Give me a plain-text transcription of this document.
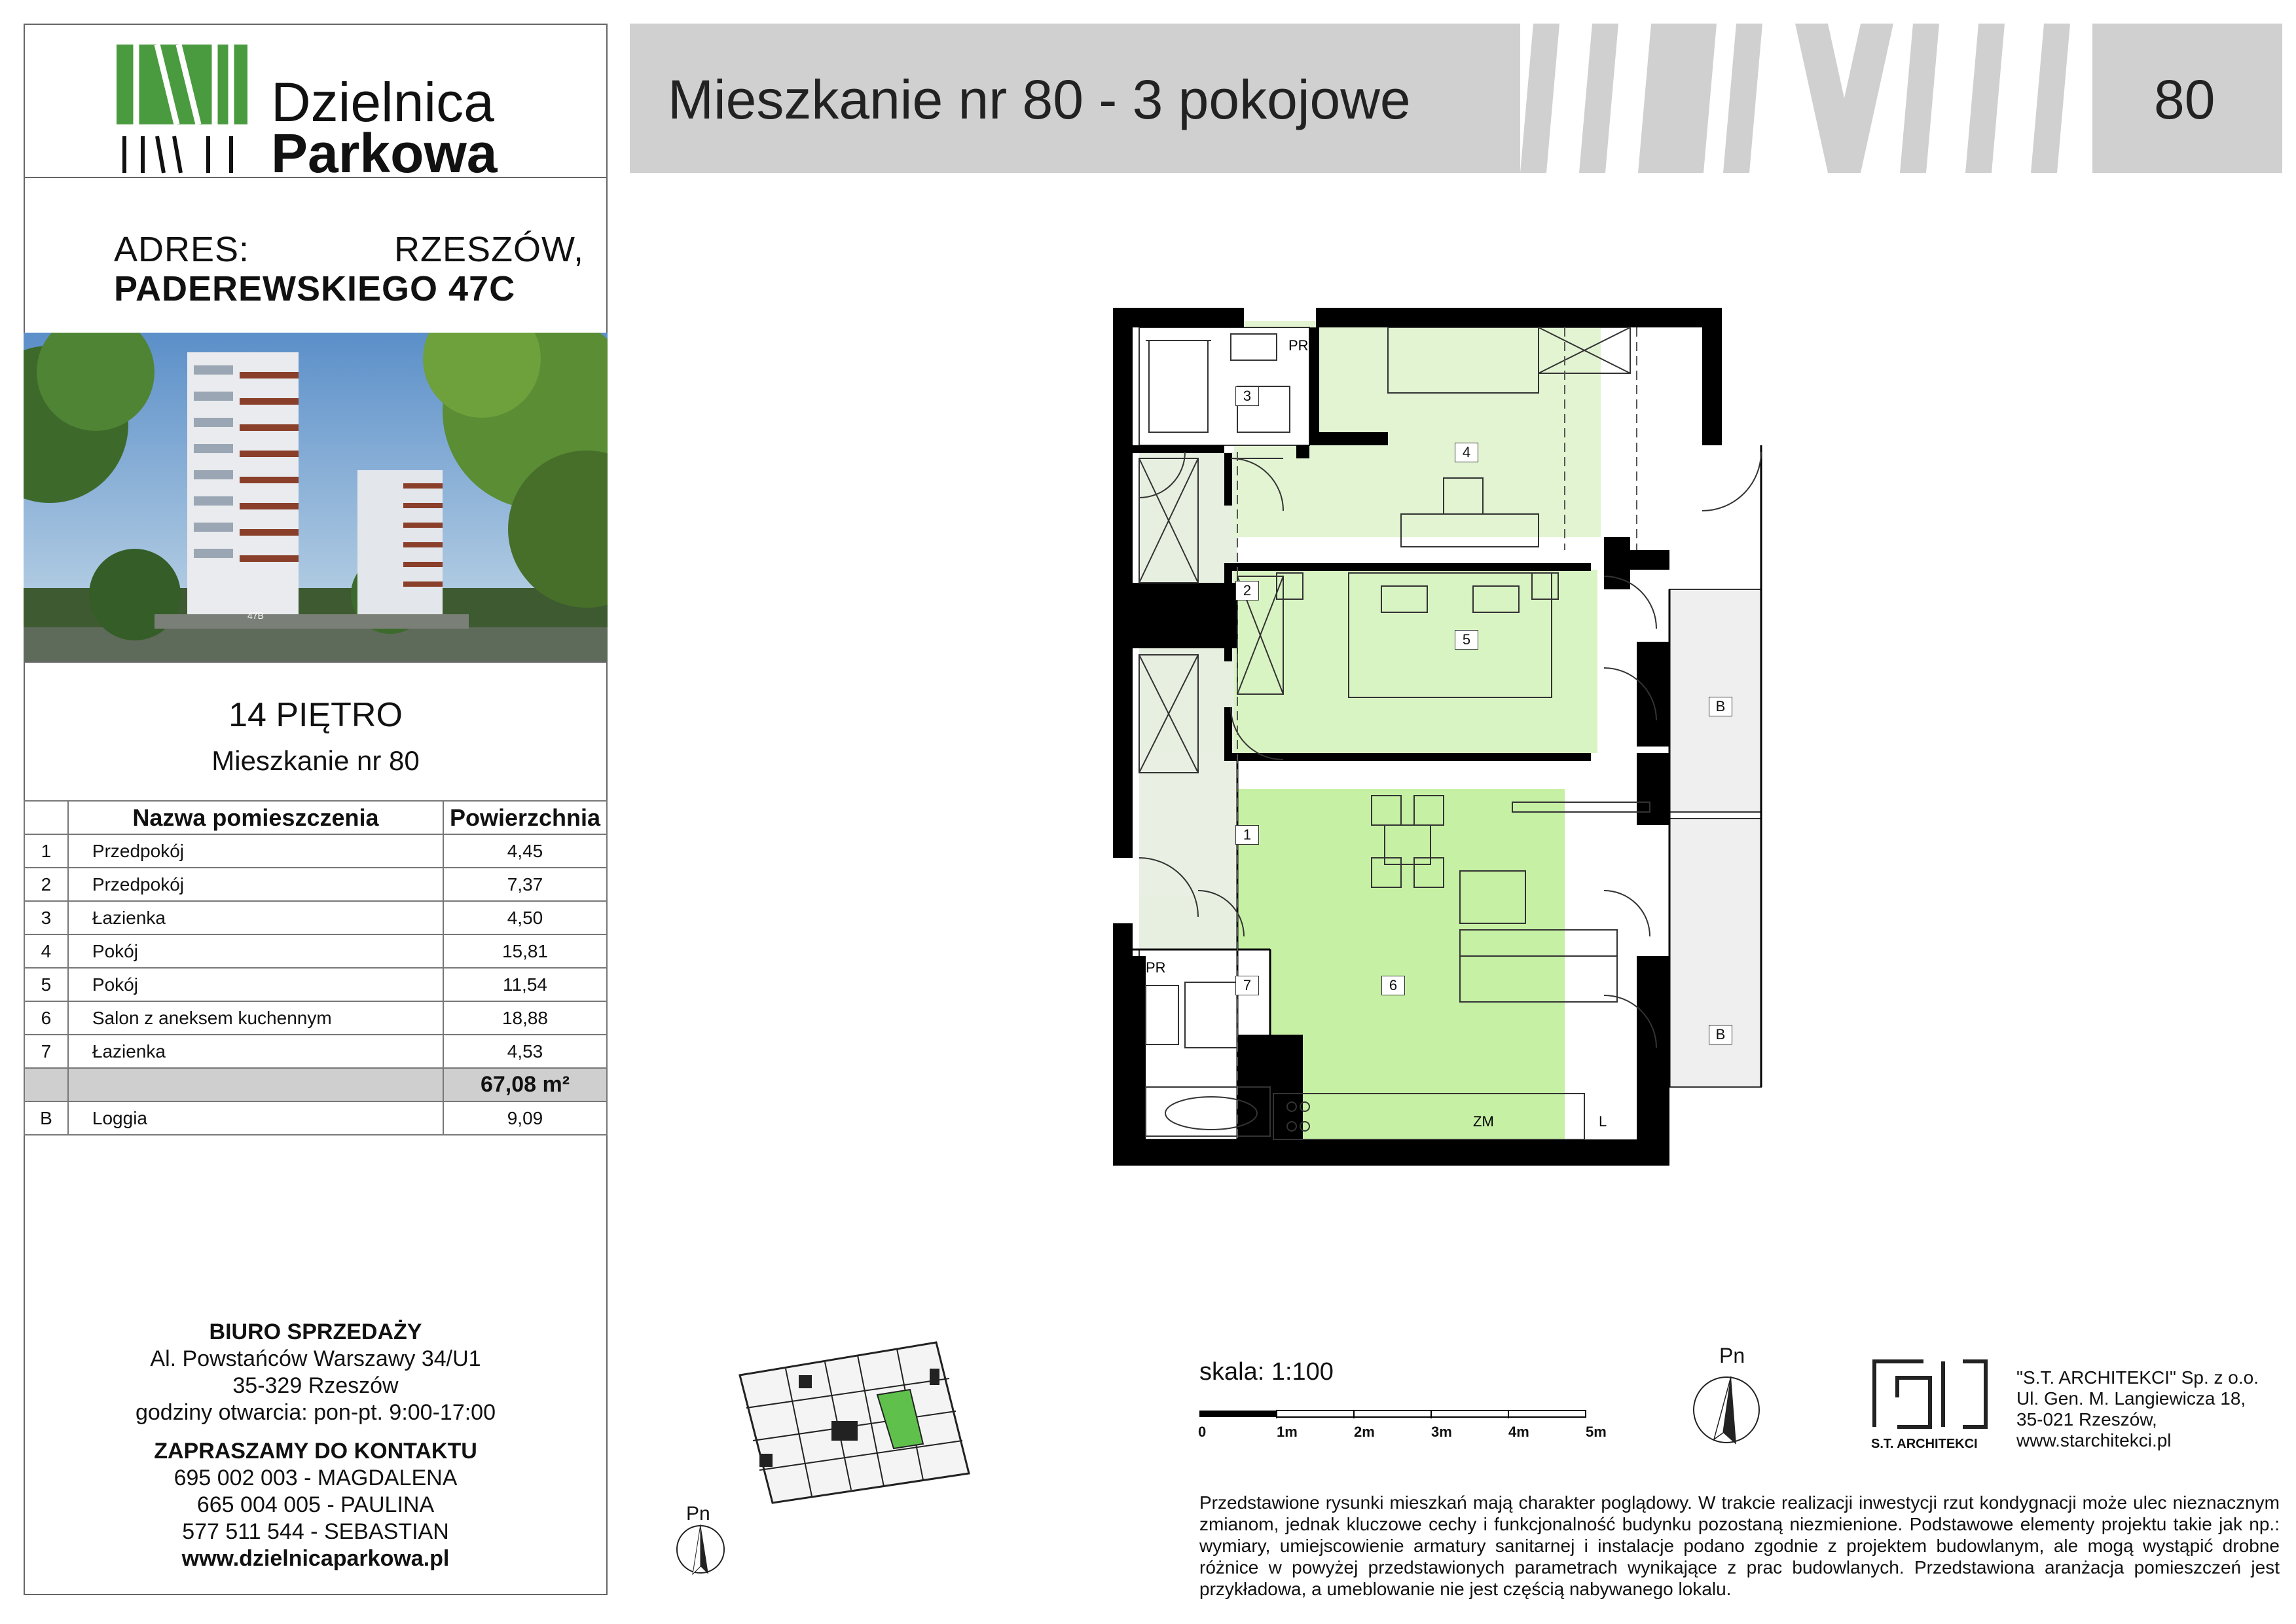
Dzielnica
Parkowa
ADRES:	RZESZÓW,
PADEREWSKIEGO 47C
47B
14 PIĘTRO
Mieszkanie nr 80
	Nazwa pomieszczenia	Powierzchnia
1	Przedpokój	4,45
2	Przedpokój	7,37
3	Łazienka	4,50
4	Pokój	15,81
5	Pokój	11,54
6	Salon z aneksem kuchennym	18,88
7	Łazienka	4,53
		67,08 m²
B	Loggia	9,09
BIURO SPRZEDAŻY
Al. Powstańców Warszawy 34/U1
35-329 Rzeszów
godziny otwarcia: pon-pt. 9:00-17:00
ZAPRASZAMY DO KONTAKTU
695 002 003 - MAGDALENA
665 004 005 - PAULINA
577 511 544 - SEBASTIAN
www.dzielnicaparkowa.pl
Mieszkanie nr 80 - 3 pokojowe	80
PR
PR
ZM	L
1
2
3
4
5
6
7
B
B
Pn
skala: 1:100
0	1m	2m	3m	4m	5m
Pn
S.T. ARCHITEKCI
"S.T. ARCHITEKCI" Sp. z o.o.
Ul. Gen. M. Langiewicza 18,
35-021 Rzeszów,
www.starchitekci.pl
Przedstawione rysunki mieszkań mają charakter poglądowy. W trakcie realizacji inwestycji rzut kondygnacji może ulec nieznacznym zmianom, jednak kluczowe cechy i funkcjonalność budynku pozostaną niezmienione. Podstawowe elementy projektu takie jak np.: wymiary, umiejscowienie armatury sanitarnej i instalacje podano zgodnie z projektem budowlanym, ale mogą wystąpić drobne różnice w powyżej przedstawionych parametrach wynikające z prac budowlanych. Przedstawiona aranżacja pomieszczeń jest przykładowa, a umeblowanie nie jest częścią nabywanego lokalu.
